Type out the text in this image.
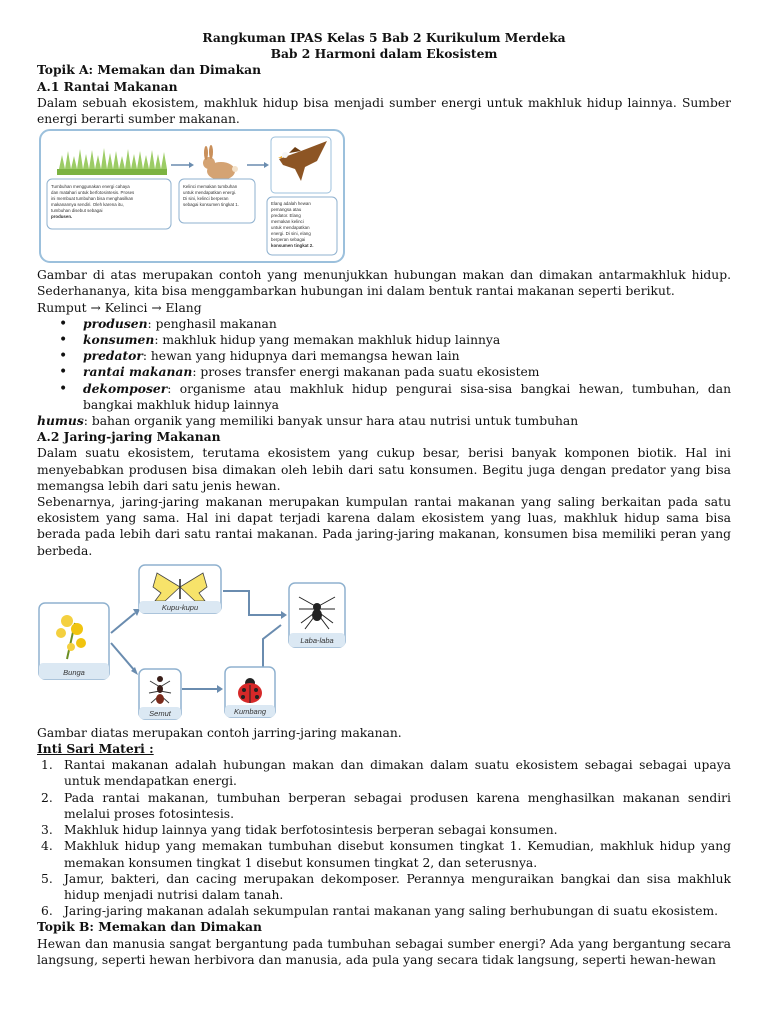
Rangkuman IPAS Kelas 5 Bab 2 Kurikulum Merdeka
Bab 2 Harmoni dalam Ekosistem
Topik A: Memakan dan Dimakan
A.1 Rantai Makanan

Dalam sebuah ekosistem, makhluk hidup bisa menjadi sumber energi untuk makhluk hidup lainnya. Sumber energi berarti sumber makanan.

Tumbuhan menggunakan energi cahaya
dan matahari untuk berfotosintesis. Proses
ini membuat tumbuhan bisa menghasilkan
makanannya sendiri. Oleh karena itu,
tumbuhan disebut sebagai
produsen.
Kelinci memakan tumbuhan
untuk mendapatkan energi.
Di sini, kelinci berperan
sebagai konsumen tingkat 1.	Elang adalah hewan
pemangsa atau
predator. Elang
memakan kelinci
untuk mendapatkan
energi. Di sini, elang
berperan sebagai
konsumen tingkat 2.

Gambar di atas merupakan contoh yang menunjukkan hubungan makan dan dimakan antarmakhluk hidup. Sederhananya, kita bisa menggambarkan hubungan ini dalam bentuk rantai makanan seperti berikut.

Rumput → Kelinci → Elang
• produsen: penghasil makanan
• konsumen: makhluk hidup yang memakan makhluk hidup lainnya
• predator: hewan yang hidupnya dari memangsa hewan lain
• rantai makanan: proses transfer energi makanan pada suatu ekosistem
• dekomposer: organisme atau makhluk hidup pengurai sisa-sisa bangkai hewan, tumbuhan, dan bangkai makhluk hidup lainnya
humus: bahan organik yang memiliki banyak unsur hara atau nutrisi untuk tumbuhan
A.2 Jaring-jaring Makanan

Dalam suatu ekosistem, terutama ekosistem yang cukup besar, berisi banyak komponen biotik. Hal ini menyebabkan produsen bisa dimakan oleh lebih dari satu konsumen. Begitu juga dengan predator yang bisa memangsa lebih dari satu jenis hewan.

Sebenarnya, jaring-jaring makanan merupakan kumpulan rantai makanan yang saling berkaitan pada satu ekosistem yang sama. Hal ini dapat terjadi karena dalam ekosistem yang luas, makhluk hidup sama bisa berada pada lebih dari satu rantai makanan. Pada jaring-jaring makanan, konsumen bisa memiliki peran yang berbeda.

Bunga
Kupu-kupu
Laba-laba
Semut	Kumbang
Gambar diatas merupakan contoh jarring-jaring makanan.
Inti Sari Materi :
1. Rantai makanan adalah hubungan makan dan dimakan dalam suatu ekosistem sebagai sebagai upaya untuk mendapatkan energi.
2. Pada rantai makanan, tumbuhan berperan sebagai produsen karena menghasilkan makanan sendiri melalui proses fotosintesis.
3. Makhluk hidup lainnya yang tidak berfotosintesis berperan sebagai konsumen.
4. Makhluk hidup yang memakan tumbuhan disebut konsumen tingkat 1. Kemudian, makhluk hidup yang memakan konsumen tingkat 1 disebut konsumen tingkat 2, dan seterusnya.
5. Jamur, bakteri, dan cacing merupakan dekomposer. Perannya menguraikan bangkai dan sisa makhluk hidup menjadi nutrisi dalam tanah.
6. Jaring-jaring makanan adalah sekumpulan rantai makanan yang saling berhubungan di suatu ekosistem.
Topik B: Memakan dan Dimakan

Hewan dan manusia sangat bergantung pada tumbuhan sebagai sumber energi? Ada yang bergantung secara langsung, seperti hewan herbivora dan manusia, ada pula yang secara tidak langsung, seperti hewan-hewan
